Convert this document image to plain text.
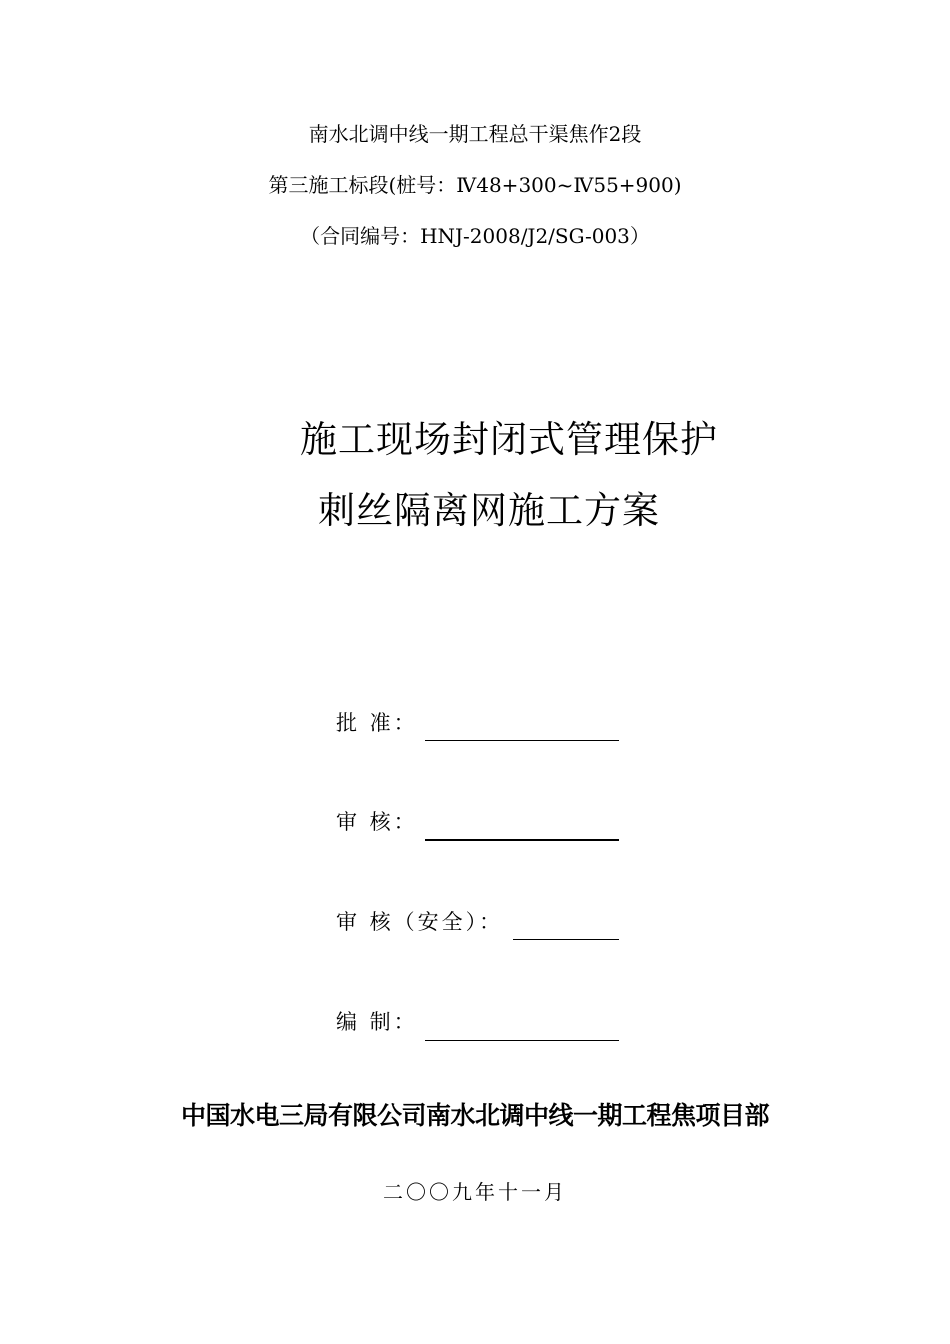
南水北调中线一期工程总干渠焦作2段
第三施工标段(桩号：Ⅳ48+300~Ⅳ55+900)
（合同编号：HNJ-2008/J2/SG-003）
施工现场封闭式管理保护
刺丝隔离网施工方案
批 准：
审 核：
审 核（安全）：
编 制：
中国水电三局有限公司南水北调中线一期工程焦项目部
二〇〇九年十一月
